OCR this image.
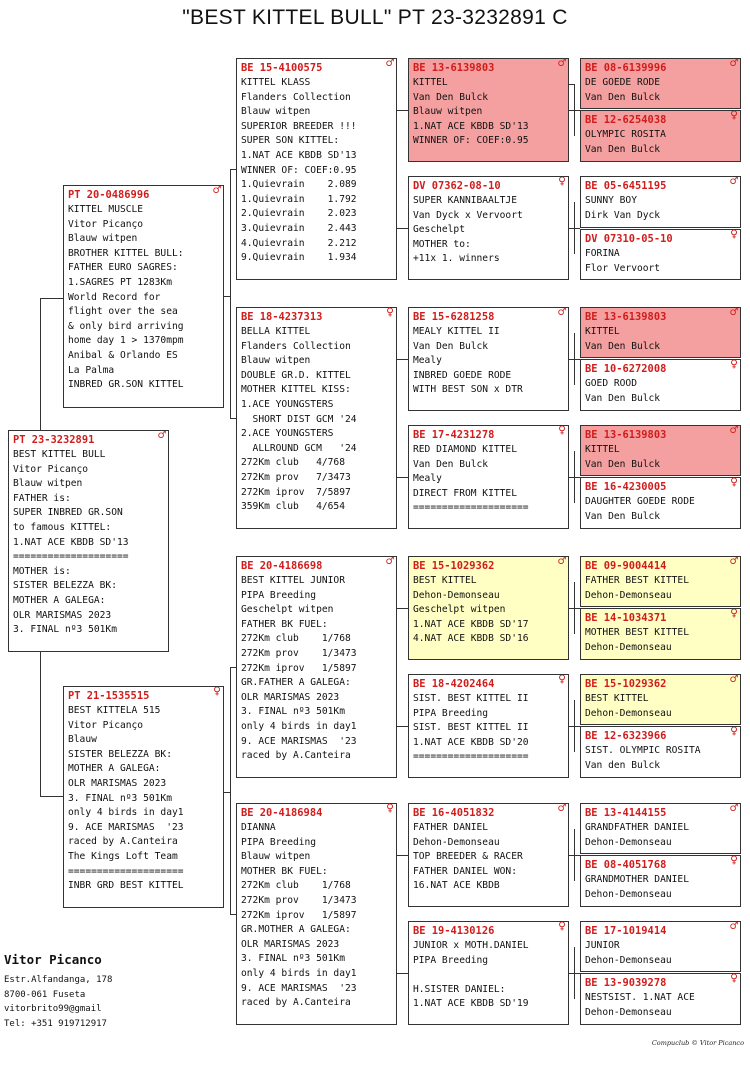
"BEST KITTEL BULL" PT 23-3232891 C
PT 23-3232891	♂
BEST KITTEL BULL
Vitor Picanço
Blauw witpen
FATHER is:
SUPER INBRED GR.SON
to famous KITTEL:
1.NAT ACE KBDB SD'13
====================
MOTHER is:
SISTER BELEZZA BK:
MOTHER A GALEGA:
OLR MARISMAS 2023
3. FINAL nº3 501Km
PT 20-0486996	♂
KITTEL MUSCLE
Vitor Picanço
Blauw witpen
BROTHER KITTEL BULL:
FATHER EURO SAGRES:
1.SAGRES PT 1283Km
World Record for
flight over the sea
& only bird arriving
home day 1 > 1370mpm
Anibal & Orlando ES
La Palma
INBRED GR.SON KITTEL
PT 21-1535515	♀
BEST KITTELA 515
Vitor Picanço
Blauw
SISTER BELEZZA BK:
MOTHER A GALEGA:
OLR MARISMAS 2023
3. FINAL nº3 501Km
only 4 birds in day1
9. ACE MARISMAS  '23
raced by A.Canteira
The Kings Loft Team
====================
INBR GRD BEST KITTEL
BE 15-4100575	♂
KITTEL KLASS
Flanders Collection
Blauw witpen
SUPERIOR BREEDER !!!
SUPER SON KITTEL:
1.NAT ACE KBDB SD'13
WINNER OF: COEF:0.95
1.Quievrain    2.089
1.Quievrain    1.792
2.Quievrain    2.023
3.Quievrain    2.443
4.Quievrain    2.212
9.Quievrain    1.934
BE 18-4237313	♀
BELLA KITTEL
Flanders Collection
Blauw witpen
DOUBLE GR.D. KITTEL
MOTHER KITTEL KISS:
1.ACE YOUNGSTERS
SHORT DIST GCM '24
2.ACE YOUNGSTERS
ALLROUND GCM   '24
272Km club   4/768
272Km prov   7/3473
272Km iprov  7/5897
359Km club   4/654
BE 20-4186698	♂
BEST KITTEL JUNIOR
PIPA Breeding
Geschelpt witpen
FATHER BK FUEL:
272Km club    1/768
272Km prov    1/3473
272Km iprov   1/5897
GR.FATHER A GALEGA:
OLR MARISMAS 2023
3. FINAL nº3 501Km
only 4 birds in day1
9. ACE MARISMAS  '23
raced by A.Canteira
BE 20-4186984	♀
DIANNA
PIPA Breeding
Blauw witpen
MOTHER BK FUEL:
272Km club    1/768
272Km prov    1/3473
272Km iprov   1/5897
GR.MOTHER A GALEGA:
OLR MARISMAS 2023
3. FINAL nº3 501Km
only 4 birds in day1
9. ACE MARISMAS  '23
raced by A.Canteira
BE 13-6139803	♂
KITTEL
Van Den Bulck
Blauw witpen
1.NAT ACE KBDB SD'13
WINNER OF: COEF:0.95
DV 07362-08-10	♀
SUPER KANNIBAALTJE
Van Dyck x Vervoort
Geschelpt
MOTHER to:
+11x 1. winners
BE 15-6281258	♂
MEALY KITTEL II
Van Den Bulck
Mealy
INBRED GOEDE RODE
WITH BEST SON x DTR
BE 17-4231278	♀
RED DIAMOND KITTEL
Van Den Bulck
Mealy
DIRECT FROM KITTEL
====================
BE 15-1029362	♂
BEST KITTEL
Dehon-Demonseau
Geschelpt witpen
1.NAT ACE KBDB SD'17
4.NAT ACE KBDB SD'16
BE 18-4202464	♀
SIST. BEST KITTEL II
PIPA Breeding
SIST. BEST KITTEL II
1.NAT ACE KBDB SD'20
====================
BE 16-4051832	♂
FATHER DANIEL
Dehon-Demonseau
TOP BREEDER & RACER
FATHER DANIEL WON:
16.NAT ACE KBDB
BE 19-4130126	♀
JUNIOR x MOTH.DANIEL
PIPA Breeding

H.SISTER DANIEL:
1.NAT ACE KBDB SD'19
BE 08-6139996	♂
DE GOEDE RODE
Van Den Bulck
BE 12-6254038	♀
OLYMPIC ROSITA
Van Den Bulck
BE 05-6451195	♂
SUNNY BOY
Dirk Van Dyck
DV 07310-05-10	♀
FORINA
Flor Vervoort
BE 13-6139803	♂
KITTEL
Van Den Bulck
BE 10-6272008	♀
GOED ROOD
Van Den Bulck
BE 13-6139803	♂
KITTEL
Van Den Bulck
BE 16-4230005	♀
DAUGHTER GOEDE RODE
Van Den Bulck
BE 09-9004414	♂
FATHER BEST KITTEL
Dehon-Demonseau
BE 14-1034371	♀
MOTHER BEST KITTEL
Dehon-Demonseau
BE 15-1029362	♂
BEST KITTEL
Dehon-Demonseau
BE 12-6323966	♀
SIST. OLYMPIC ROSITA
Van den Bulck
BE 13-4144155	♂
GRANDFATHER DANIEL
Dehon-Demonseau
BE 08-4051768	♀
GRANDMOTHER DANIEL
Dehon-Demonseau
BE 17-1019414	♂
JUNIOR
Dehon-Demonseau
BE 13-9039278	♀
NESTSIST. 1.NAT ACE
Dehon-Demonseau
Vitor Picanco
Estr.Alfandanga, 178
8700-061 Fuseta
vitorbrito99@gmail
Tel: +351 919712917
Compuclub © Vitor Picanco
